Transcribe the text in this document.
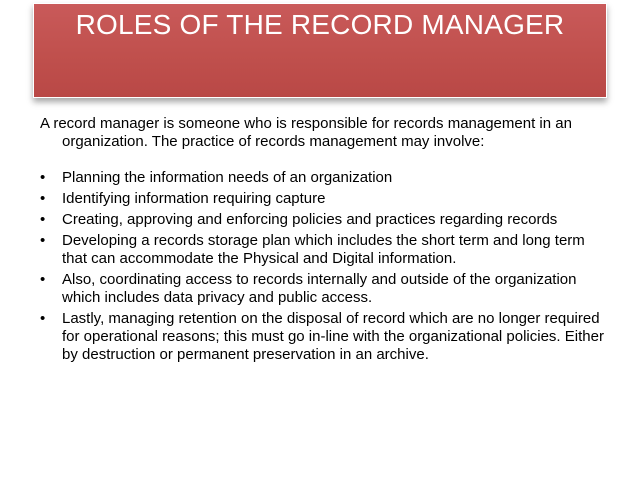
ROLES OF THE RECORD MANAGER

A record manager is someone who is responsible for records management in an organization. The practice of records management may involve:

•	Planning the information needs of an organization
•	Identifying information requiring capture
•	Creating, approving and enforcing policies and practices regarding records
•	Developing a records storage plan which includes the short term and long term that can accommodate the Physical and Digital information.
•	Also, coordinating access to records internally and outside of the organization which includes data privacy and public access.
•	Lastly, managing retention on the disposal of record which are no longer required for operational reasons; this must go in-line with the organizational policies. Either by destruction or permanent preservation in an archive.
